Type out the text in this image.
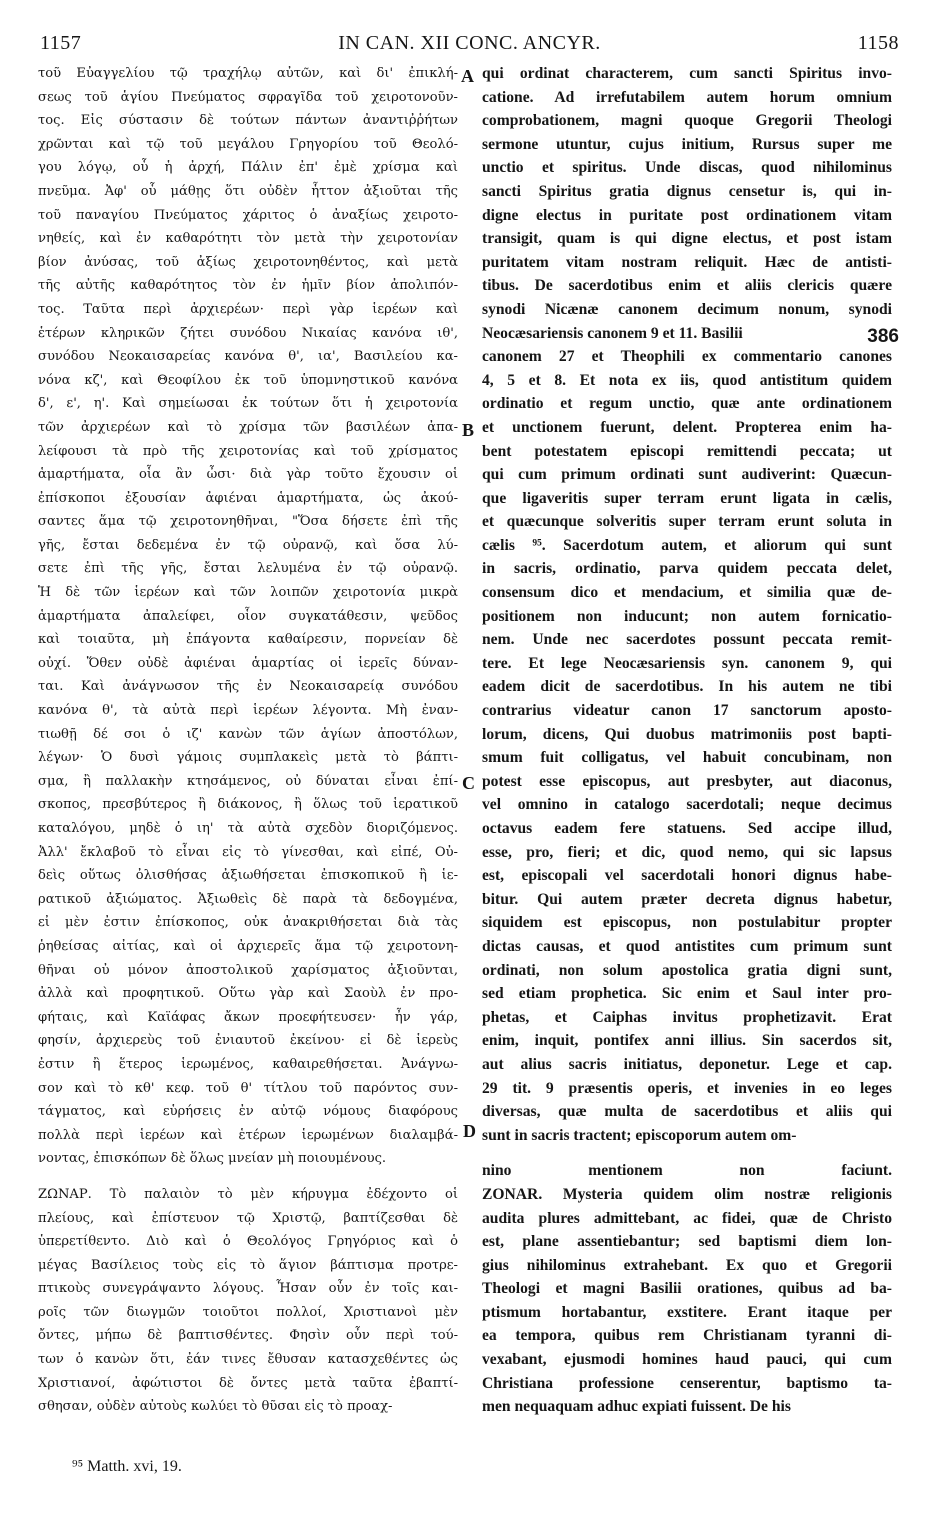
1157	IN CAN. XII CONC. ANCYR.	1158
τοῦ Εὐαγγελίου τῷ τραχήλῳ αὐτῶν, καὶ δι' ἐπικλή-
σεως τοῦ ἁγίου Πνεύματος σφραγῖδα τοῦ χειροτονοῦν-
τος. Εἰς σύστασιν δὲ τούτων πάντων ἀναντιῤῥήτων
χρῶνται καὶ τῷ τοῦ μεγάλου Γρηγορίου τοῦ Θεολό-
γου λόγῳ, οὗ ἡ ἀρχή, Πάλιν ἐπ' ἐμὲ χρίσμα καὶ
πνεῦμα. Ἀφ' οὗ μάθῃς ὅτι οὐδὲν ἧττον ἀξιοῦται τῆς
τοῦ παναγίου Πνεύματος χάριτος ὁ ἀναξίως χειροτο-
νηθείς, καὶ ἐν καθαρότητι τὸν μετὰ τὴν χειροτονίαν
βίον ἀνύσας, τοῦ ἀξίως χειροτονηθέντος, καὶ μετὰ
τῆς αὐτῆς καθαρότητος τὸν ἐν ἡμῖν βίον ἀπολιπόν-
τος. Ταῦτα περὶ ἀρχιερέων· περὶ γὰρ ἱερέων καὶ
ἑτέρων κληρικῶν ζήτει συνόδου Νικαίας κανόνα ιθ',
συνόδου Νεοκαισαρείας κανόνα θ', ια', Βασιλείου κα-
νόνα κζ', καὶ Θεοφίλου ἐκ τοῦ ὑπομνηστικοῦ κανόνα
δ', ε', η'. Καὶ σημείωσαι ἐκ τούτων ὅτι ἡ χειροτονία
τῶν ἀρχιερέων καὶ τὸ χρίσμα τῶν βασιλέων ἀπα-
λείφουσι τὰ πρὸ τῆς χειροτονίας καὶ τοῦ χρίσματος
ἁμαρτήματα, οἷα ἂν ὦσι· διὰ γὰρ τοῦτο ἔχουσιν οἱ
ἐπίσκοποι ἐξουσίαν ἀφιέναι ἁμαρτήματα, ὡς ἀκού-
σαντες ἅμα τῷ χειροτονηθῆναι, "Ὅσα δήσετε ἐπὶ τῆς
γῆς, ἔσται δεδεμένα ἐν τῷ οὐρανῷ, καὶ ὅσα λύ-
σετε ἐπὶ τῆς γῆς, ἔσται λελυμένα ἐν τῷ οὐρανῷ.
Ἡ δὲ τῶν ἱερέων καὶ τῶν λοιπῶν χειροτονία μικρὰ
ἁμαρτήματα ἀπαλείφει, οἷον συγκατάθεσιν, ψεῦδος
καὶ τοιαῦτα, μὴ ἐπάγοντα καθαίρεσιν, πορνείαν δὲ
οὐχί. Ὅθεν οὐδὲ ἀφιέναι ἁμαρτίας οἱ ἱερεῖς δύναν-
ται. Καὶ ἀνάγνωσον τῆς ἐν Νεοκαισαρείᾳ συνόδου
κανόνα θ', τὰ αὐτὰ περὶ ἱερέων λέγοντα. Μὴ ἐναν-
τιωθῇ δέ σοι ὁ ιζ' κανὼν τῶν ἁγίων ἀποστόλων,
λέγων· Ὁ δυσὶ γάμοις συμπλακεὶς μετὰ τὸ βάπτι-
σμα, ἢ παλλακὴν κτησάμενος, οὐ δύναται εἶναι ἐπί-
σκοπος, πρεσβύτερος ἢ διάκονος, ἢ ὅλως τοῦ ἱερατικοῦ
καταλόγου, μηδὲ ὁ ιη' τὰ αὐτὰ σχεδὸν διοριζόμενος.
Ἀλλ' ἔκλαβοῦ τὸ εἶναι εἰς τὸ γίνεσθαι, καὶ εἰπέ, Οὐ-
δεὶς οὕτως ὀλισθήσας ἀξιωθήσεται ἐπισκοπικοῦ ἢ ἱε-
ρατικοῦ ἀξιώματος. Ἀξιωθεὶς δὲ παρὰ τὰ δεδογμένα,
εἰ μὲν ἐστιν ἐπίσκοπος, οὐκ ἀνακριθήσεται διὰ τὰς
ῥηθείσας αἰτίας, καὶ οἱ ἀρχιερεῖς ἅμα τῷ χειροτονη-
θῆναι οὐ μόνον ἀποστολικοῦ χαρίσματος ἀξιοῦνται,
ἀλλὰ καὶ προφητικοῦ. Οὕτω γὰρ καὶ Σαοὺλ ἐν προ-
φήταις, καὶ Καϊάφας ἄκων προεφήτευσεν· ἦν γάρ,
φησίν, ἀρχιερεὺς τοῦ ἐνιαυτοῦ ἐκείνου· εἰ δὲ ἱερεὺς
ἐστιν ἢ ἕτερος ἱερωμένος, καθαιρεθήσεται. Ἀνάγνω-
σον καὶ τὸ κθ' κεφ. τοῦ θ' τίτλου τοῦ παρόντος συν-
τάγματος, καὶ εὑρήσεις ἐν αὐτῷ νόμους διαφόρους
πολλὰ περὶ ἱερέων καὶ ἑτέρων ἱερωμένων διαλαμβά-
νοντας, ἐπισκόπων δὲ ὅλως μνείαν μὴ ποιουμένους.
ΖΩΝΑΡ. Τὸ παλαιὸν τὸ μὲν κήρυγμα ἐδέχοντο οἱ
πλείους, καὶ ἐπίστευον τῷ Χριστῷ, βαπτίζεσθαι δὲ
ὑπερετίθεντο. Διὸ καὶ ὁ Θεολόγος Γρηγόριος καὶ ὁ
μέγας Βασίλειος τοὺς εἰς τὸ ἅγιον βάπτισμα προτρε-
πτικοὺς συνεγράψαντο λόγους. Ἦσαν οὖν ἐν τοῖς και-
ροῖς τῶν διωγμῶν τοιοῦτοι πολλοί, Χριστιανοὶ μὲν
ὄντες, μήπω δὲ βαπτισθέντες. Φησὶν οὖν περὶ τού-
των ὁ κανὼν ὅτι, ἐάν τινες ἔθυσαν κατασχεθέντες ὡς
Χριστιανοί, ἀφώτιστοι δὲ ὄντες μετὰ ταῦτα ἐβαπτί-
σθησαν, οὐδὲν αὐτοὺς κωλύει τὸ θῦσαι εἰς τὸ προαχ-
qui ordinat characterem, cum sancti Spiritus invo-
catione. Ad irrefutabilem autem horum omnium
comprobationem, magni quoque Gregorii Theologi
sermone utuntur, cujus initium, Rursus super me
unctio et spiritus. Unde discas, quod nihilominus
sancti Spiritus gratia dignus censetur is, qui in-
digne electus in puritate post ordinationem vitam
transigit, quam is qui digne electus, et post istam
puritatem vitam nostram reliquit. Hæc de antisti-
tibus. De sacerdotibus enim et aliis clericis quære
synodi Nicænæ canonem decimum nonum, synodi
Neocæsariensis canonem 9 et 11. Basilii
canonem 27 et Theophili ex commentario canones
4, 5 et 8. Et nota ex iis, quod antistitum quidem
ordinatio et regum unctio, quæ ante ordinationem
et unctionem fuerunt, delent. Propterea enim ha-
bent potestatem episcopi remittendi peccata; ut
qui cum primum ordinati sunt audiverint: Quæcun-
que ligaveritis super terram erunt ligata in cælis,
et quæcunque solveritis super terram erunt soluta in
cælis ⁹⁵. Sacerdotum autem, et aliorum qui sunt
in sacris, ordinatio, parva quidem peccata delet,
consensum dico et mendacium, et similia quæ de-
positionem non inducunt; non autem fornicatio-
nem. Unde nec sacerdotes possunt peccata remit-
tere. Et lege Neocæsariensis syn. canonem 9, qui
eadem dicit de sacerdotibus. In his autem ne tibi
contrarius videatur canon 17 sanctorum aposto-
lorum, dicens, Qui duobus matrimoniis post bapti-
smum fuit colligatus, vel habuit concubinam, non
potest esse episcopus, aut presbyter, aut diaconus,
vel omnino in catalogo sacerdotali; neque decimus
octavus eadem fere statuens. Sed accipe illud,
esse, pro, fieri; et dic, quod nemo, qui sic lapsus
est, episcopali vel sacerdotali honori dignus habe-
bitur. Qui autem præter decreta dignus habetur,
siquidem est episcopus, non postulabitur propter
dictas causas, et quod antistites cum primum sunt
ordinati, non solum apostolica gratia digni sunt,
sed etiam prophetica. Sic enim et Saul inter pro-
phetas, et Caiphas invitus prophetizavit. Erat
enim, inquit, pontifex anni illius. Sin sacerdos sit,
aut alius sacris initiatus, deponetur. Lege et cap.
29 tit. 9 præsentis operis, et invenies in eo leges
diversas, quæ multa de sacerdotibus et aliis qui
sunt in sacris tractent; episcoporum autem om-
nino mentionem non faciunt.
ZONAR. Mysteria quidem olim nostræ religionis
audita plures admittebant, ac fidei, quæ de Christo
est, plane assentiebantur; sed baptismi diem lon-
gius nihilominus extrahebant. Ex quo et Gregorii
Theologi et magni Basilii orationes, quibus ad ba-
ptismum hortabantur, exstitere. Erant itaque per
ea tempora, quibus rem Christianam tyranni di-
vexabant, ejusmodi homines haud pauci, qui cum
Christiana professione censerentur, baptismo ta-
men nequaquam adhuc expiati fuissent. De his
A
B
C
D
386
⁹⁵ Matth. xvi, 19.
